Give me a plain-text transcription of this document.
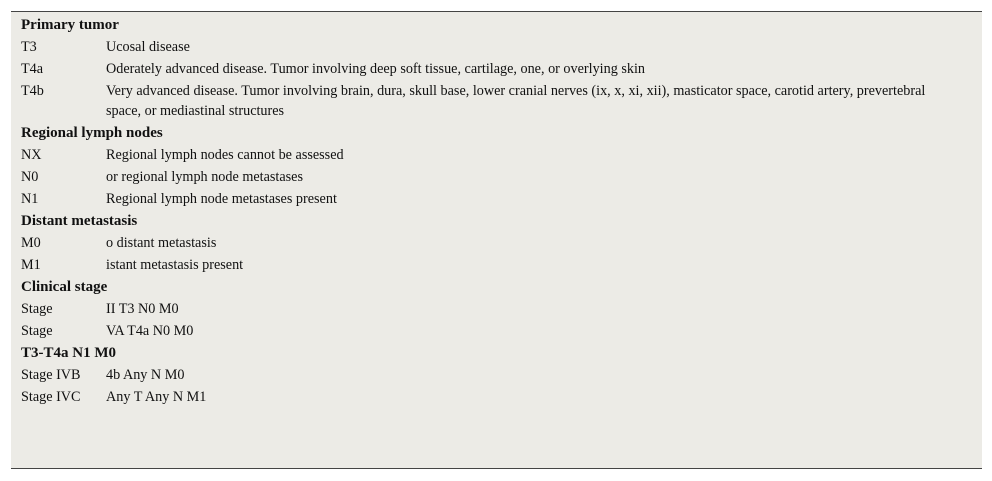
Primary tumor
T3	Ucosal disease
T4a	Oderately advanced disease. Tumor involving deep soft tissue, cartilage, one, or overlying skin
T4b	Very advanced disease. Tumor involving brain, dura, skull base, lower cranial nerves (ix, x, xi, xii), masticator space, carotid artery, prevertebral space, or mediastinal structures
Regional lymph nodes
NX	Regional lymph nodes cannot be assessed
N0	or regional lymph node metastases
N1	Regional lymph node metastases present
Distant metastasis
M0	o distant metastasis
M1	istant metastasis present
Clinical stage
Stage	II T3 N0 M0
Stage	VA T4a N0 M0
T3-T4a N1 M0
Stage IVB	4b Any N M0
Stage IVC	Any T Any N M1
